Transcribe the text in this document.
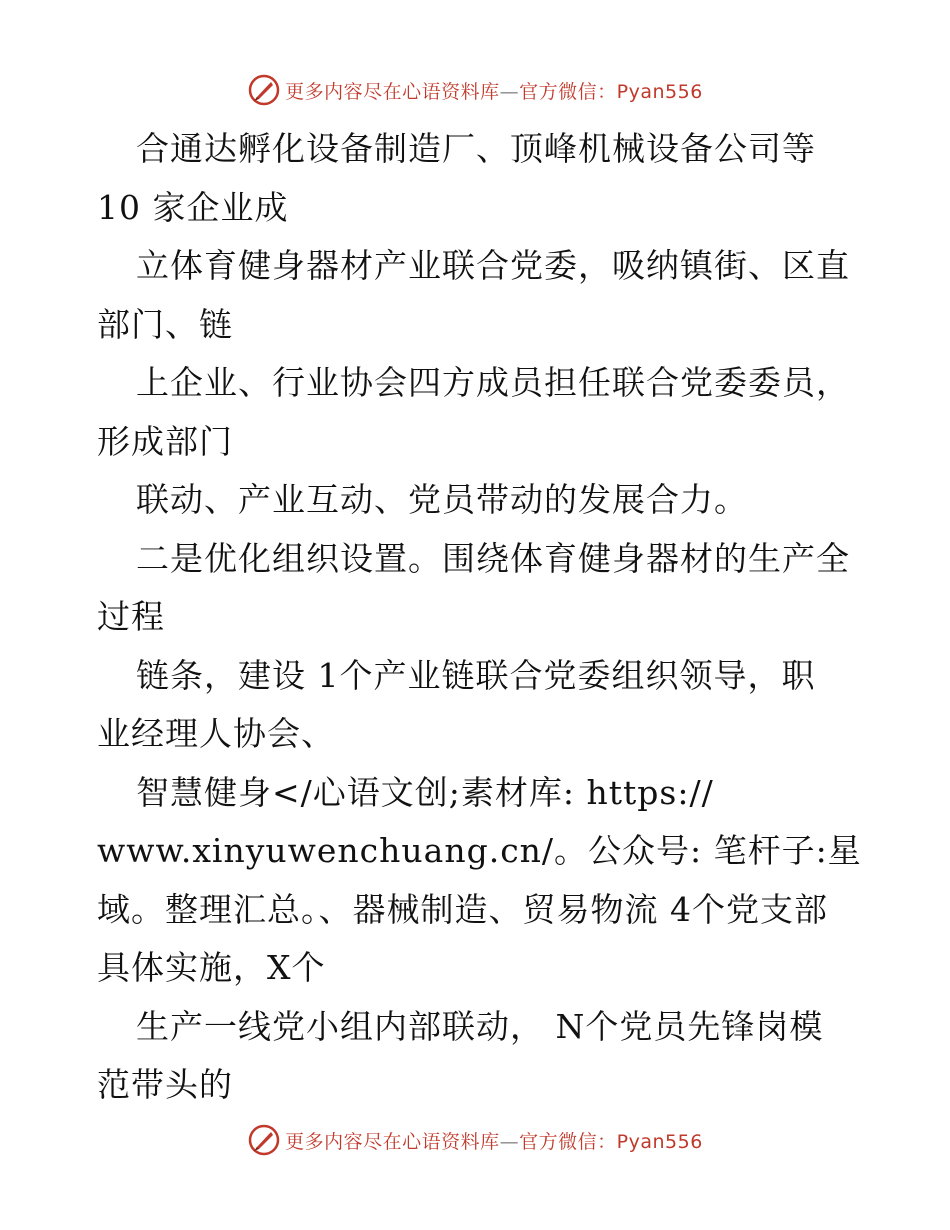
更多内容尽在心语资料库—官方微信：Pyan556
合通达孵化设备制造厂、顶峰机械设备公司等
10 家企业成
立体育健身器材产业联合党委，吸纳镇街、区直
部门、链
上企业、行业协会四方成员担任联合党委委员，
形成部门
联动、产业互动、党员带动的发展合力。
二是优化组织设置。围绕体育健身器材的生产全
过程
链条，建设 1个产业链联合党委组织领导，职
业经理人协会、
智慧健身</心语文创;素材库: https://
www.xinyuwenchuang.cn/。公众号: 笔杆子:星
域。整理汇总。、器械制造、贸易物流 4个党支部
具体实施，X个
生产一线党小组内部联动， N个党员先锋岗模
范带头的
更多内容尽在心语资料库—官方微信：Pyan556
